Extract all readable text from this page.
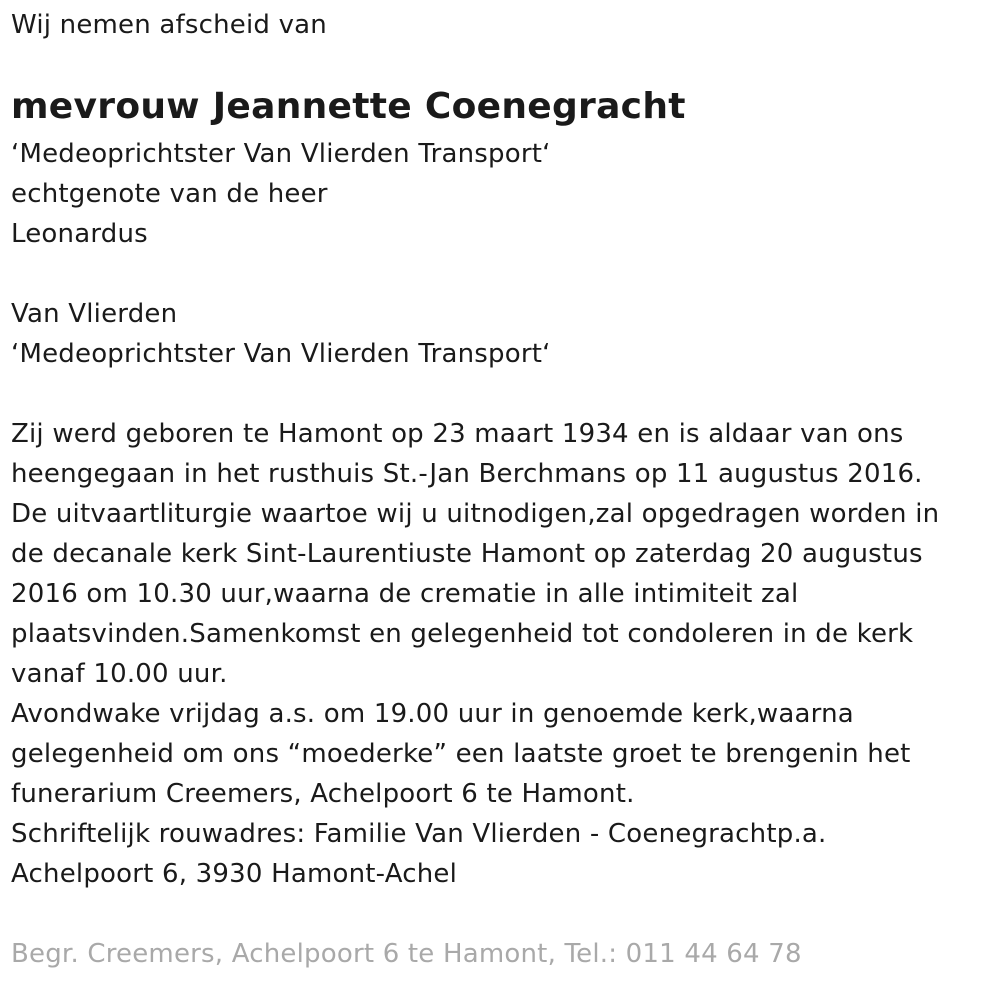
Wij nemen afscheid van
mevrouw Jeannette Coenegracht
‘Medeoprichtster Van Vlierden Transport‘
echtgenote van de heer
Leonardus
Van Vlierden
‘Medeoprichtster Van Vlierden Transport‘
Zij werd geboren te Hamont op 23 maart 1934 en is aldaar van ons
heengegaan in het rusthuis St.-Jan Berchmans op 11 augustus 2016.
De uitvaartliturgie waartoe wij u uitnodigen,zal opgedragen worden in
de decanale kerk Sint-Laurentiuste Hamont op zaterdag 20 augustus
2016 om 10.30 uur,waarna de crematie in alle intimiteit zal
plaatsvinden.Samenkomst en gelegenheid tot condoleren in de kerk
vanaf 10.00 uur.
Avondwake vrijdag a.s. om 19.00 uur in genoemde kerk,waarna
gelegenheid om ons “moederke” een laatste groet te brengenin het
funerarium Creemers, Achelpoort 6 te Hamont.
Schriftelijk rouwadres: Familie Van Vlierden - Coenegrachtp.a.
Achelpoort 6, 3930 Hamont-Achel
Begr. Creemers, Achelpoort 6 te Hamont, Tel.: 011 44 64 78
